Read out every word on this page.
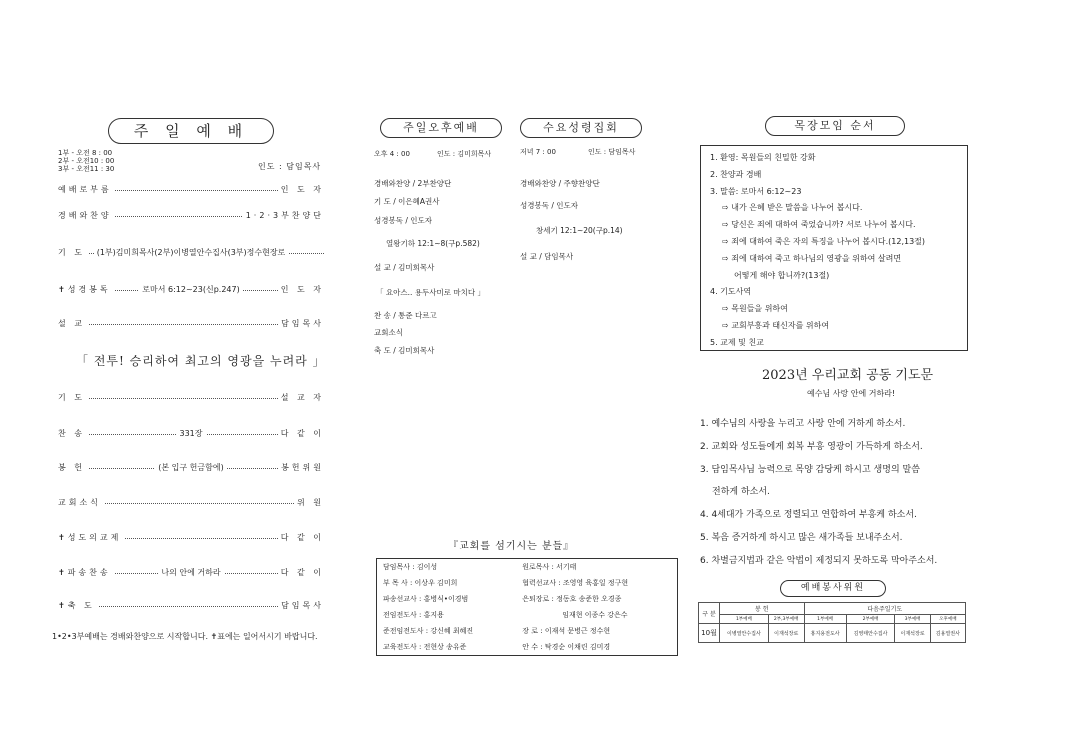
주 일 예 배
1부 - 오전 8 : 00
2부 - 오전10 : 00
3부 - 오전11 : 30	인도 : 담임목사
예배로부름	인 도 자
경배와찬양	1·2·3부찬양단
기 도	(1부)김미희목사(2부)이병열안수집사(3부)정수현장로
✝성경봉독	로마서 6:12~23(신p.247)	인 도 자
설 교	담임목사
「 전투! 승리하여 최고의 영광을 누려라 」
기 도	설 교 자
찬 송	331장	다 같 이
봉 헌	(본 입구 헌금함에)	봉헌위원
교회소식	위 원
✝성도의교제	다 같 이
✝파송찬송	나의 안에 거하라	다 같 이
✝축 도	담임목사
1•2•3부예배는 경배와찬양으로 시작합니다. ✝표에는 일어서시기 바랍니다.
주일오후예배	수요성령집회
오후 4 : 00	인도 : 김미희목사
경배와찬양 / 2부찬양단
기 도 / 이은혜A권사
성경봉독 / 인도자
열왕기하 12:1~8(구p.582)
설 교 / 김미희목사
「 요아스.. 용두사미로 마치다 」
찬 송 / 통준 다르고
교회소식
축 도 / 김미희목사
저녁 7 : 00	인도 : 담임목사
경배와찬양 / 주향찬양단
성경봉독 / 인도자
창세기 12:1~20(구p.14)
설 교 / 담임목사
『교회를 섬기시는 분들』
담임목사 : 김이성	원로목사 : 서기태
부 목 사 : 이상우 김미희	협력선교사 : 조영영 육홍일 정구현
파송선교사 : 홍병식•이경범	은퇴장로 : 정동호 송준한 오경종
전임전도사 : 홍지용	임재현 이종수 강은수
준전임전도사 : 강신혜 최혜진	장 로 : 이재석 문병근 정수현
교육전도사 : 전현상 송유준	안 수 : 탁경순 이채린 김미경
목장모임 순서
1. 환영: 목원들의 친밀한 강화
2. 찬양과 경배
3. 말씀: 로마서 6:12~23
⇨ 내가 은혜 받은 말씀을 나누어 봅시다.
⇨ 당신은 죄에 대하여 죽었습니까? 서로 나누어 봅시다.
⇨ 죄에 대하여 죽은 자의 특징을 나누어 봅시다.(12,13절)
⇨ 죄에 대하여 죽고 하나님의 영광을 위하여 살려면
어떻게 해야 합니까?(13절)
4. 기도사역
⇨ 목원들을 위하여
⇨ 교회부흥과 태신자를 위하여
5. 교제 및 친교
2023년 우리교회 공동 기도문
예수님 사랑 안에 거하라!
1. 예수님의 사랑을 누리고 사랑 안에 거하게 하소서.
2. 교회와 성도들에게 회복 부흥 영광이 가득하게 하소서.
3. 담임목사님 능력으로 목양 감당케 하시고 생명의 말씀
전하게 하소서.
4. 4세대가 가족으로 정렬되고 연합하여 부흥케 하소서.
5. 복음 증거하게 하시고 많은 새가족들 보내주소서.
6. 차별금지법과 같은 악법이 제정되지 못하도록 막아주소서.
예배봉사위원
구 분	봉 헌		다음주일기도			
	1부예배	2부,3부예배	1부예배	2부예배	3부예배	오후예배
10월	이병열안수집사	이재석장로	홍지용전도사	김영태안수집사	이재석장로	김용열권사
